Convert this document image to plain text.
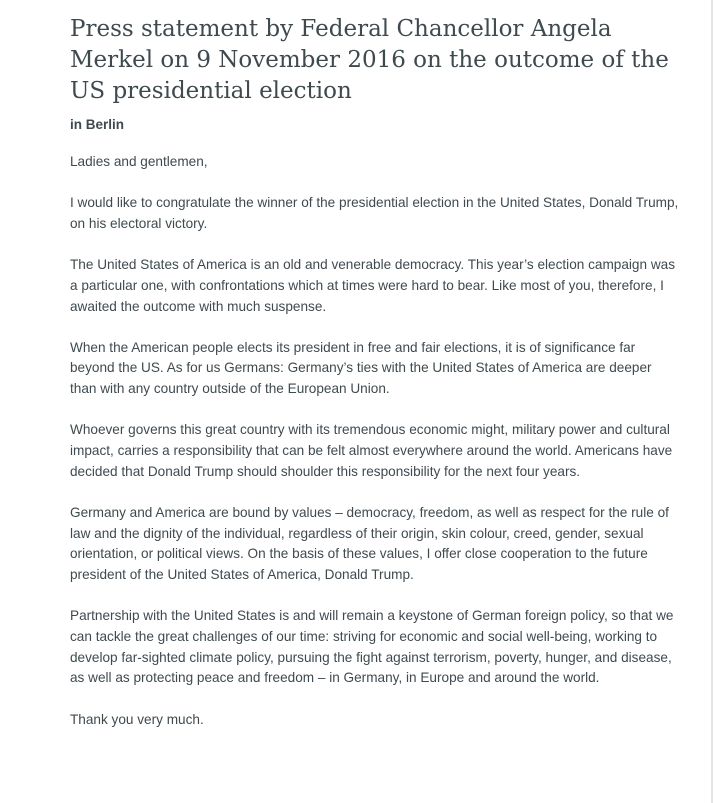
Press statement by Federal Chancellor Angela Merkel on 9 November 2016 on the outcome of the US presidential election
in Berlin

Ladies and gentlemen,

I would like to congratulate the winner of the presidential election in the United States, Donald Trump, on his electoral victory.

The United States of America is an old and venerable democracy. This year’s election campaign was a particular one, with confrontations which at times were hard to bear. Like most of you, therefore, I awaited the outcome with much suspense.

When the American people elects its president in free and fair elections, it is of significance far beyond the US. As for us Germans: Germany’s ties with the United States of America are deeper than with any country outside of the European Union.

Whoever governs this great country with its tremendous economic might, military power and cultural impact, carries a responsibility that can be felt almost everywhere around the world. Americans have decided that Donald Trump should shoulder this responsibility for the next four years.

Germany and America are bound by values – democracy, freedom, as well as respect for the rule of law and the dignity of the individual, regardless of their origin, skin colour, creed, gender, sexual orientation, or political views. On the basis of these values, I offer close cooperation to the future president of the United States of America, Donald Trump.

Partnership with the United States is and will remain a keystone of German foreign policy, so that we can tackle the great challenges of our time: striving for economic and social well-being, working to develop far-sighted climate policy, pursuing the fight against terrorism, poverty, hunger, and disease, as well as protecting peace and freedom – in Germany, in Europe and around the world.

Thank you very much.
